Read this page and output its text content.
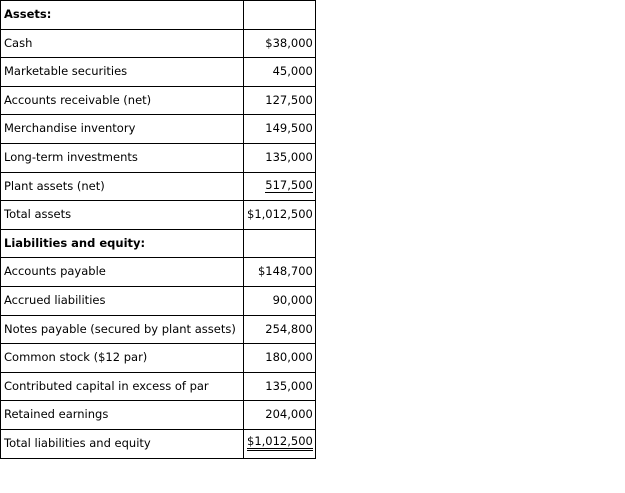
Assets:	
Cash	$38,000
Marketable securities	45,000
Accounts receivable (net)	127,500
Merchandise inventory	149,500
Long-term investments	135,000
Plant assets (net)	517,500
Total assets	$1,012,500
Liabilities and equity:	
Accounts payable	$148,700
Accrued liabilities	90,000
Notes payable (secured by plant assets)	254,800
Common stock ($12 par)	180,000
Contributed capital in excess of par	135,000
Retained earnings	204,000
Total liabilities and equity	$1,012,500
